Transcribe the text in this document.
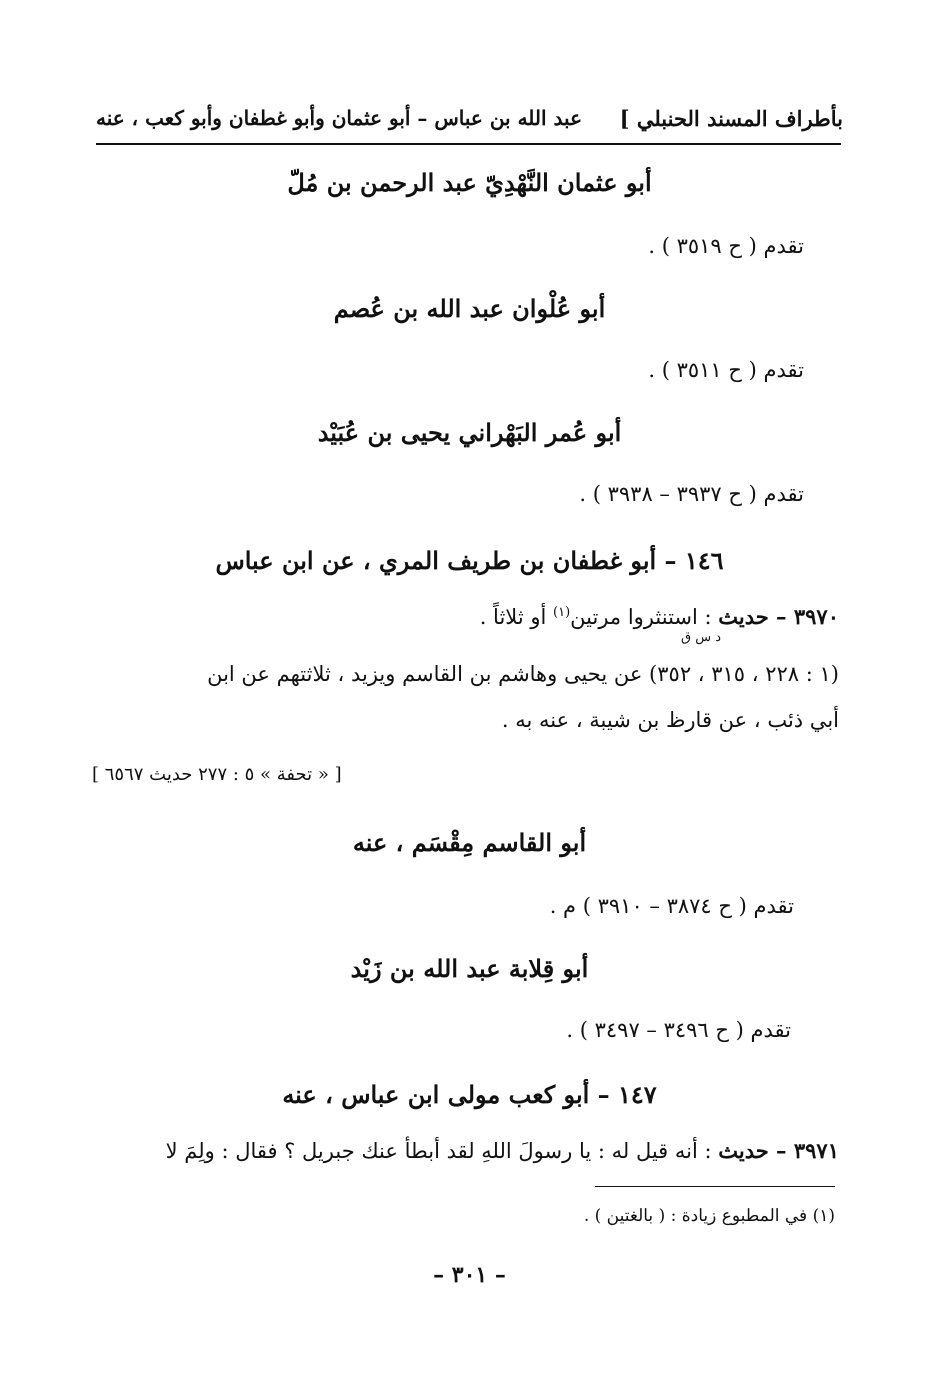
بأطراف المسند الحنبلي ]
عبد الله بن عباس – أبو عثمان وأبو غطفان وأبو كعب ، عنه
أبو عثمان النَّهْدِيّ عبد الرحمن بن مُلّ
تقدم ( ح ٣٥١٩ ) .
أبو عُلْوان عبد الله بن عُصم
تقدم ( ح ٣٥١١ ) .
أبو عُمر البَهْراني يحيى بن عُبَيْد
تقدم ( ح ٣٩٣٧ – ٣٩٣٨ ) .
١٤٦ – أبو غطفان بن طريف المري ، عن ابن عباس
٣٩٧٠ – حديث : استنثروا مرتين$^{(١)}$ أو ثلاثاً .
د س ق
(١ : ٢٢٨ ، ٣١٥ ، ٣٥٢) عن يحيى وهاشم بن القاسم ويزيد ، ثلاثتهم عن ابن
أبي ذئب ، عن قارظ بن شيبة ، عنه به .
[ « تحفة » ٥ : ٢٧٧ حديث ٦٥٦٧ ]
أبو القاسم مِقْسَم ، عنه
تقدم ( ح ٣٨٧٤ – ٣٩١٠ ) م .
أبو قِلابة عبد الله بن زَيْد
تقدم ( ح ٣٤٩٦ – ٣٤٩٧ ) .
١٤٧ – أبو كعب مولى ابن عباس ، عنه
٣٩٧١ – حديث : أنه قيل له : يا رسولَ اللهِ لقد أبطأ عنك جبريل ؟ فقال : ولِمَ لا
(١) في المطبوع زيادة : ( بالغتين ) .
– ٣٠١ –
